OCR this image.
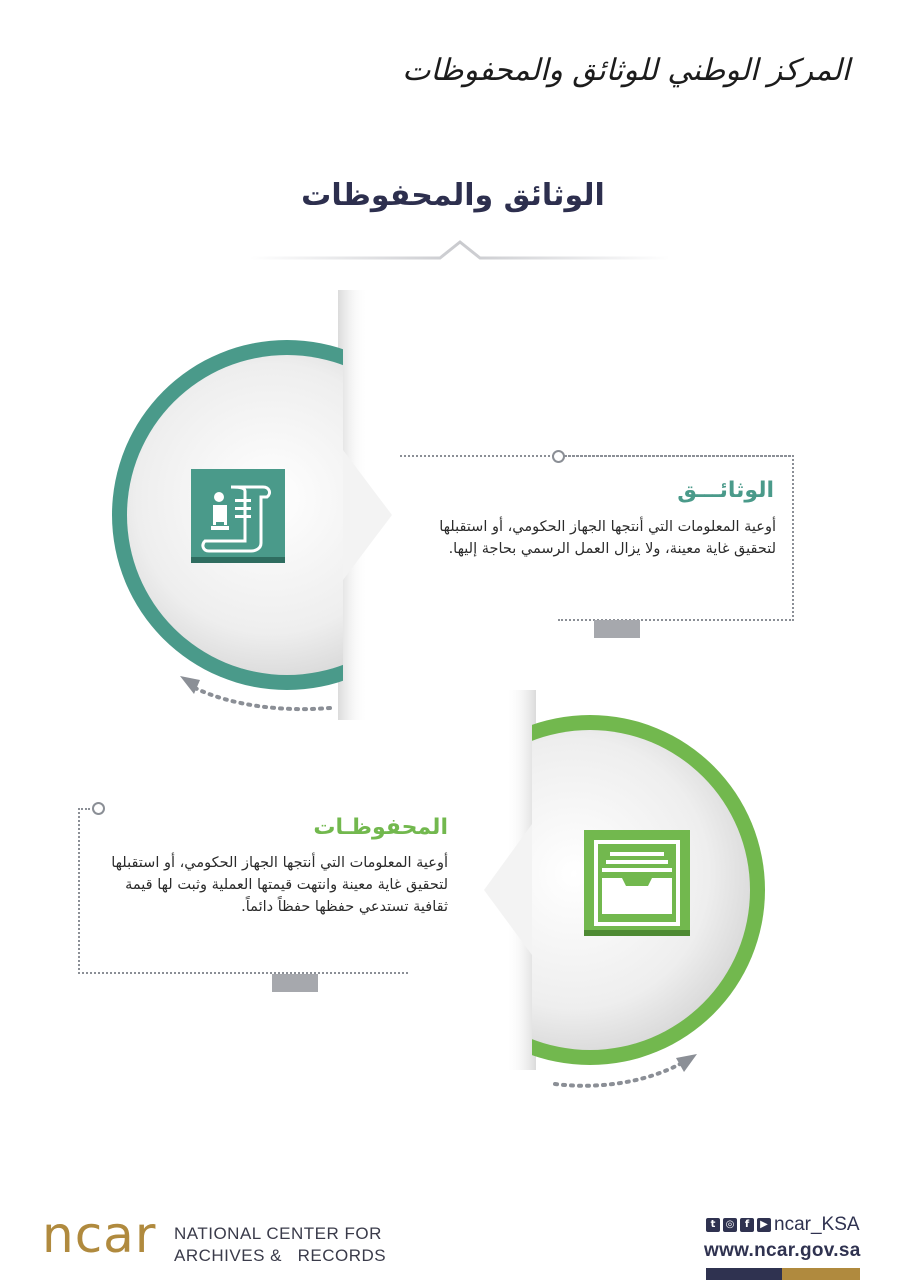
المركز الوطني للوثائق والمحفوظات
الوثائق والمحفوظات
الوثائـــق
أوعية المعلومات التي أنتجها الجهاز الحكومي، أو استقبلها لتحقيق غاية معينة، ولا يزال العمل الرسمي بحاجة إليها.
المحفوظـات
أوعية المعلومات التي أنتجها الجهاز الحكومي، أو استقبلها لتحقيق غاية معينة وانتهت قيمتها العملية وثبت لها قيمة ثقافية تستدعي حفظها حفظاً دائماً.
ncar NATIONAL CENTER FOR
ARCHIVES &   RECORDS
t	◎	f	▶ ncar_KSA
www.ncar.gov.sa
